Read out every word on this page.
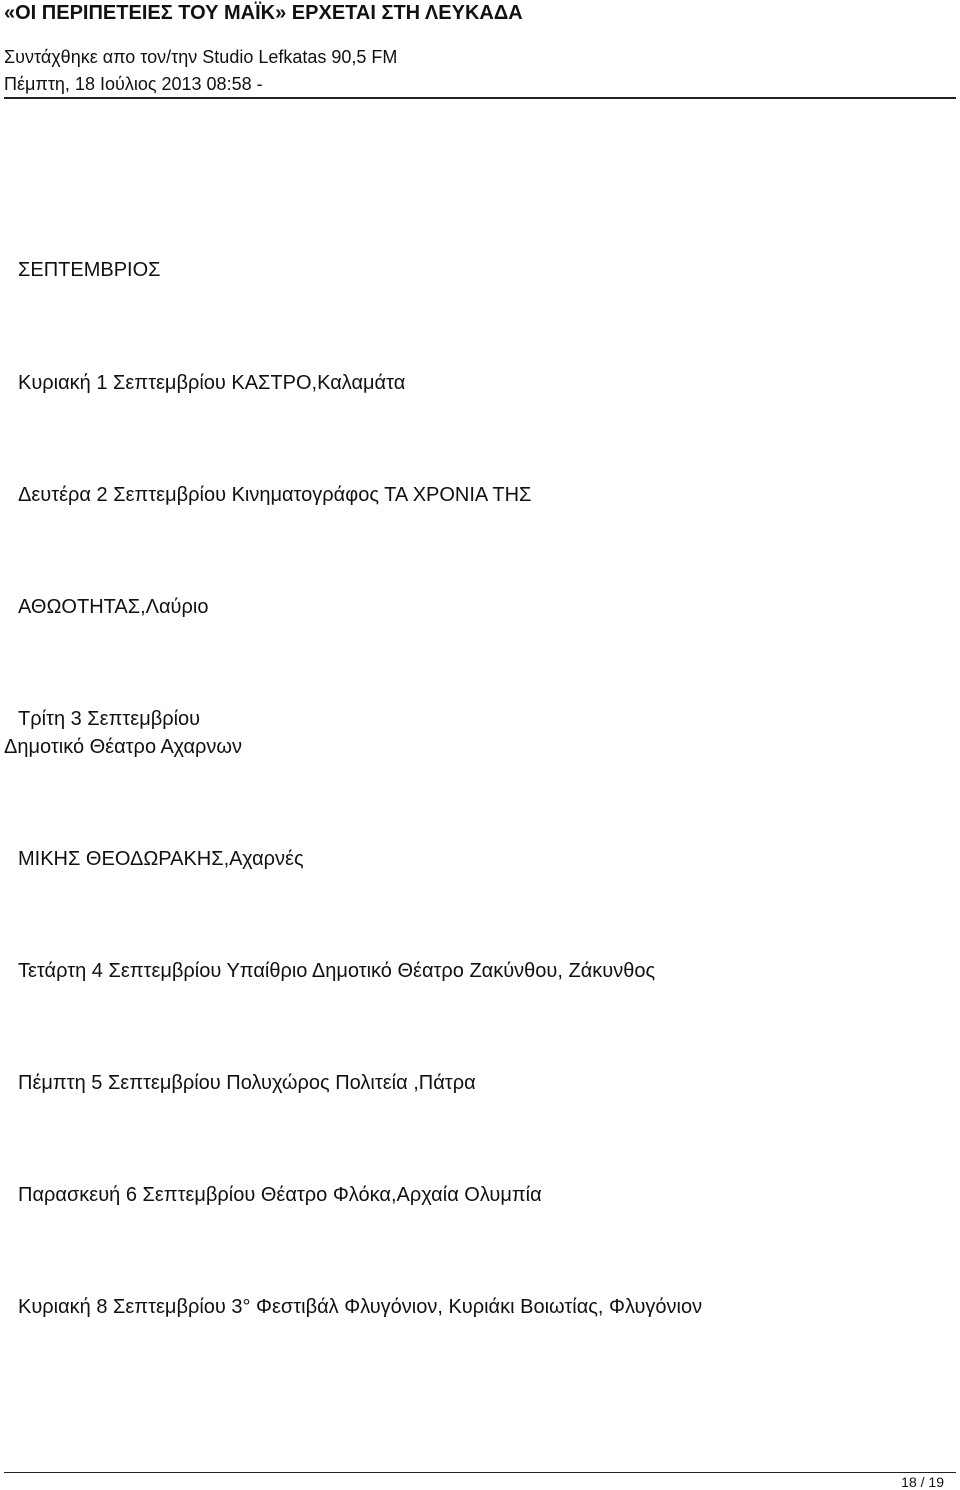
«ΟΙ ΠΕΡΙΠΕΤΕΙΕΣ ΤΟΥ ΜΑΪΚ» ΕΡΧΕΤΑΙ ΣΤΗ ΛΕΥΚΑΔΑ
Συντάχθηκε απο τον/την Studio Lefkatas 90,5 FM
Πέμπτη, 18 Ιούλιος 2013 08:58 -
ΣΕΠΤΕΜΒΡΙΟΣ
Κυριακή 1 Σεπτεμβρίου ΚΑΣΤΡΟ,Καλαμάτα
Δευτέρα 2 Σεπτεμβρίου Κινηματογράφος ΤΑ ΧΡΟΝΙΑ ΤΗΣ
ΑΘΩΟΤΗΤΑΣ,Λαύριο
Τρίτη 3 Σεπτεμβρίου
Δημοτικό Θέατρο Αχαρνων
ΜΙΚΗΣ ΘΕΟΔΩΡΑΚΗΣ,Αχαρνές
Τετάρτη 4 Σεπτεμβρίου Υπαίθριο Δημοτικό Θέατρο Ζακύνθου, Ζάκυνθος
Πέμπτη 5 Σεπτεμβρίου Πολυχώρος Πολιτεία ,Πάτρα
Παρασκευή 6 Σεπτεμβρίου Θέατρο Φλόκα,Αρχαία Ολυμπία
Κυριακή 8 Σεπτεμβρίου 3° Φεστιβάλ Φλυγόνιον, Κυριάκι Βοιωτίας, Φλυγόνιον
18 / 19
